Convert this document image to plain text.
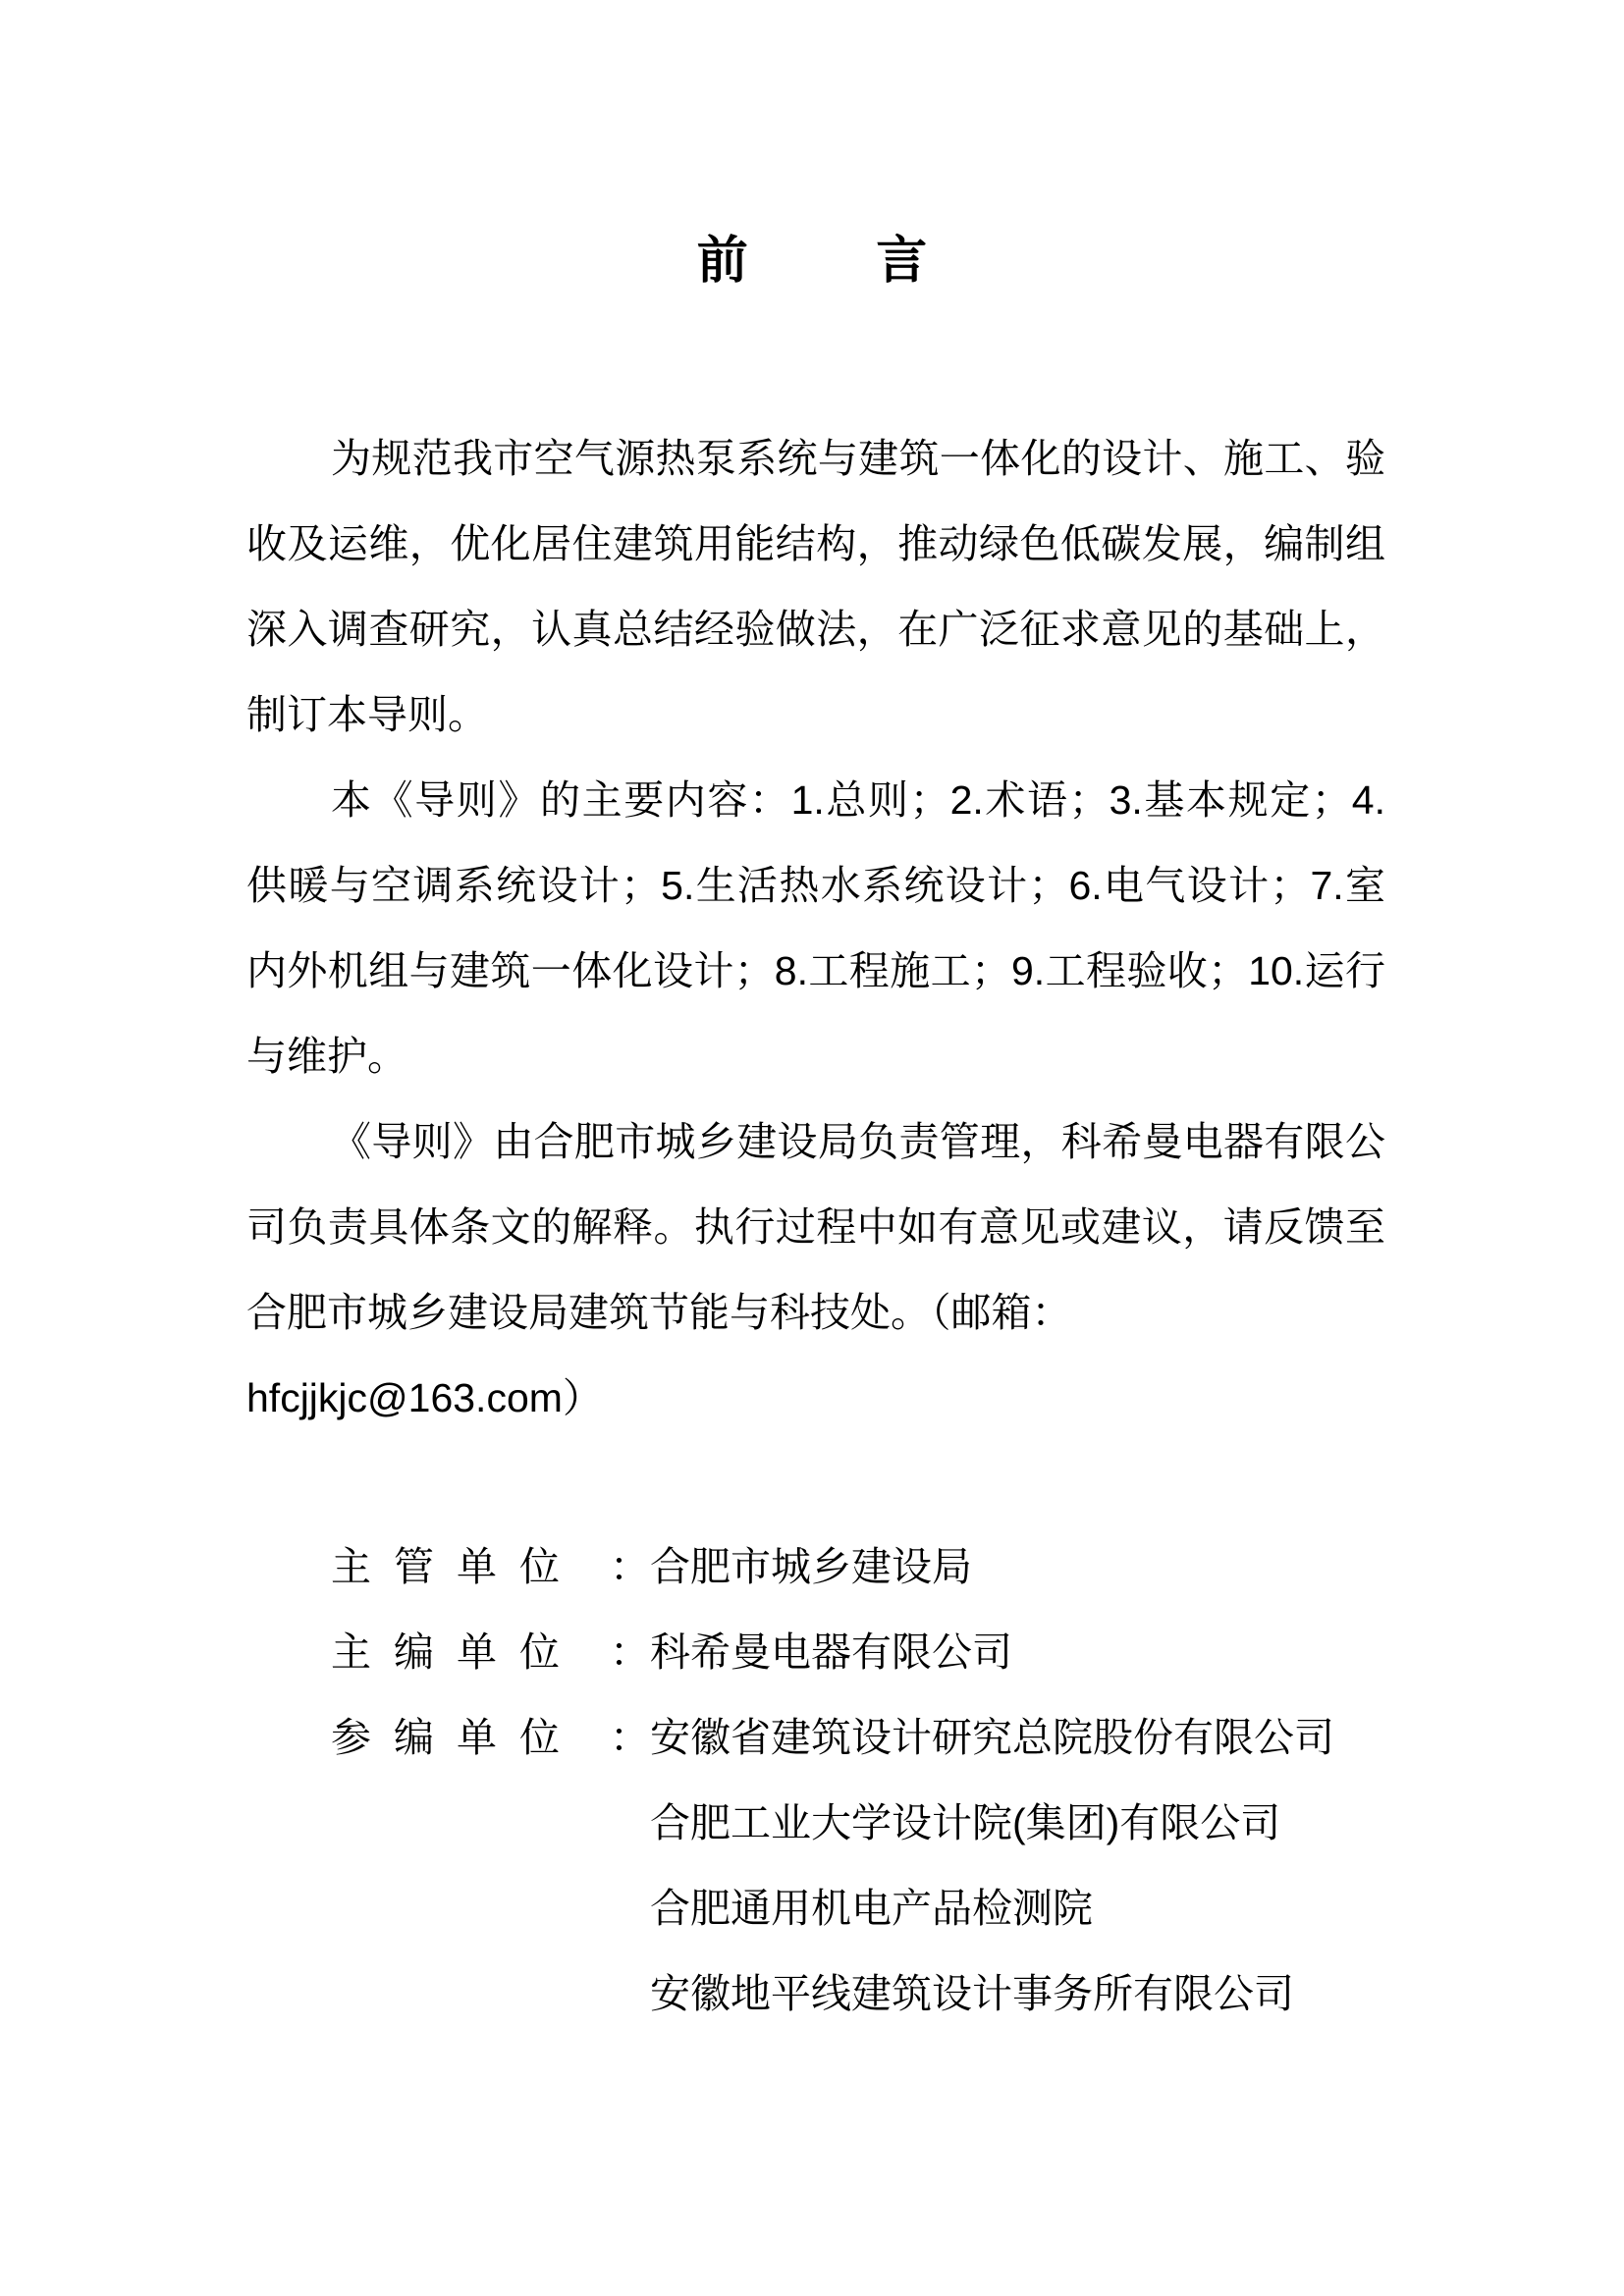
前 言

为规范我市空气源热泵系统与建筑一体化的设计、施工、验收及运维，优化居住建筑用能结构，推动绿色低碳发展，编制组深入调查研究，认真总结经验做法，在广泛征求意见的基础上，制订本导则。

本《导则》的主要内容：1.总则；2.术语；3.基本规定；4.供暖与空调系统设计；5.生活热水系统设计；6.电气设计；7.室内外机组与建筑一体化设计；8.工程施工；9.工程验收；10.运行与维护。

《导则》由合肥市城乡建设局负责管理，科希曼电器有限公司负责具体条文的解释。执行过程中如有意见或建议，请反馈至合肥市城乡建设局建筑节能与科技处。（邮箱：

hfcjjkjc@163.com）

主管单位 ：合肥市城乡建设局
主编单位 ：科希曼电器有限公司
参编单位 ：安徽省建筑设计研究总院股份有限公司
合肥工业大学设计院(集团)有限公司
合肥通用机电产品检测院
安徽地平线建筑设计事务所有限公司
